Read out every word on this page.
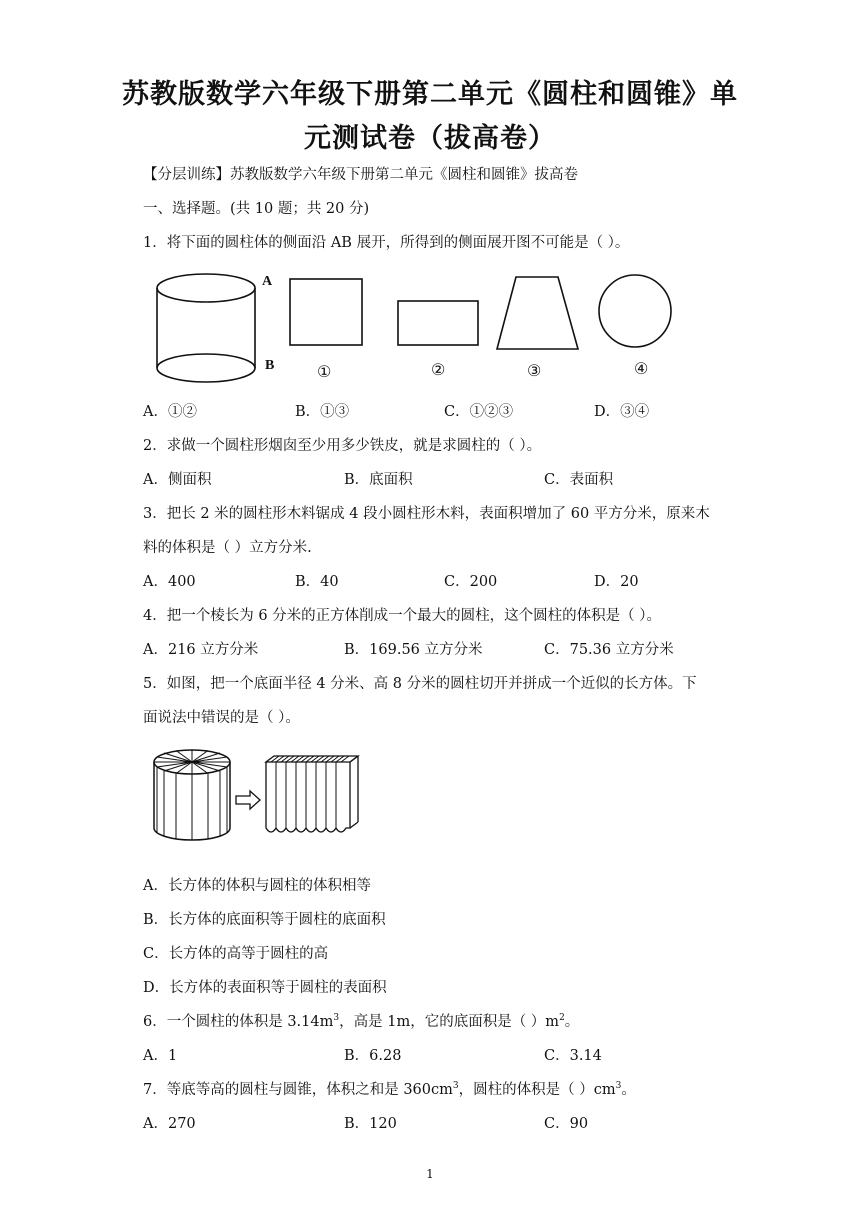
苏教版数学六年级下册第二单元《圆柱和圆锥》单
元测试卷（拔高卷）
【分层训练】苏教版数学六年级下册第二单元《圆柱和圆锥》拔高卷
一、选择题。(共 10 题；共 20 分)
1．将下面的圆柱体的侧面沿 AB 展开，所得到的侧面展开图不可能是（ ）。
A
B	①	②	③	④
A．①②	B．①③	C．①②③	D．③④
2．求做一个圆柱形烟囱至少用多少铁皮，就是求圆柱的（ ）。
A．侧面积	B．底面积	C．表面积
3．把长 2 米的圆柱形木料锯成 4 段小圆柱形木料，表面积增加了 60 平方分米，原来木
料的体积是（ ）立方分米.
A．400	B．40	C．200	D．20
4．把一个棱长为 6 分米的正方体削成一个最大的圆柱，这个圆柱的体积是（ ）。
A．216 立方分米	B．169.56 立方分米	C．75.36 立方分米
5．如图，把一个底面半径 4 分米、高 8 分米的圆柱切开并拼成一个近似的长方体。下
面说法中错误的是（ ）。
A．长方体的体积与圆柱的体积相等
B．长方体的底面积等于圆柱的底面积
C．长方体的高等于圆柱的高
D．长方体的表面积等于圆柱的表面积
6．一个圆柱的体积是 $3.14m^3$，高是 1m，它的底面积是（ ）$m^2$。
A．1	B．6.28	C．3.14
7．等底等高的圆柱与圆锥，体积之和是 $360cm^3$，圆柱的体积是（ ）$cm^3$。
A．270	B．120	C．90
1
